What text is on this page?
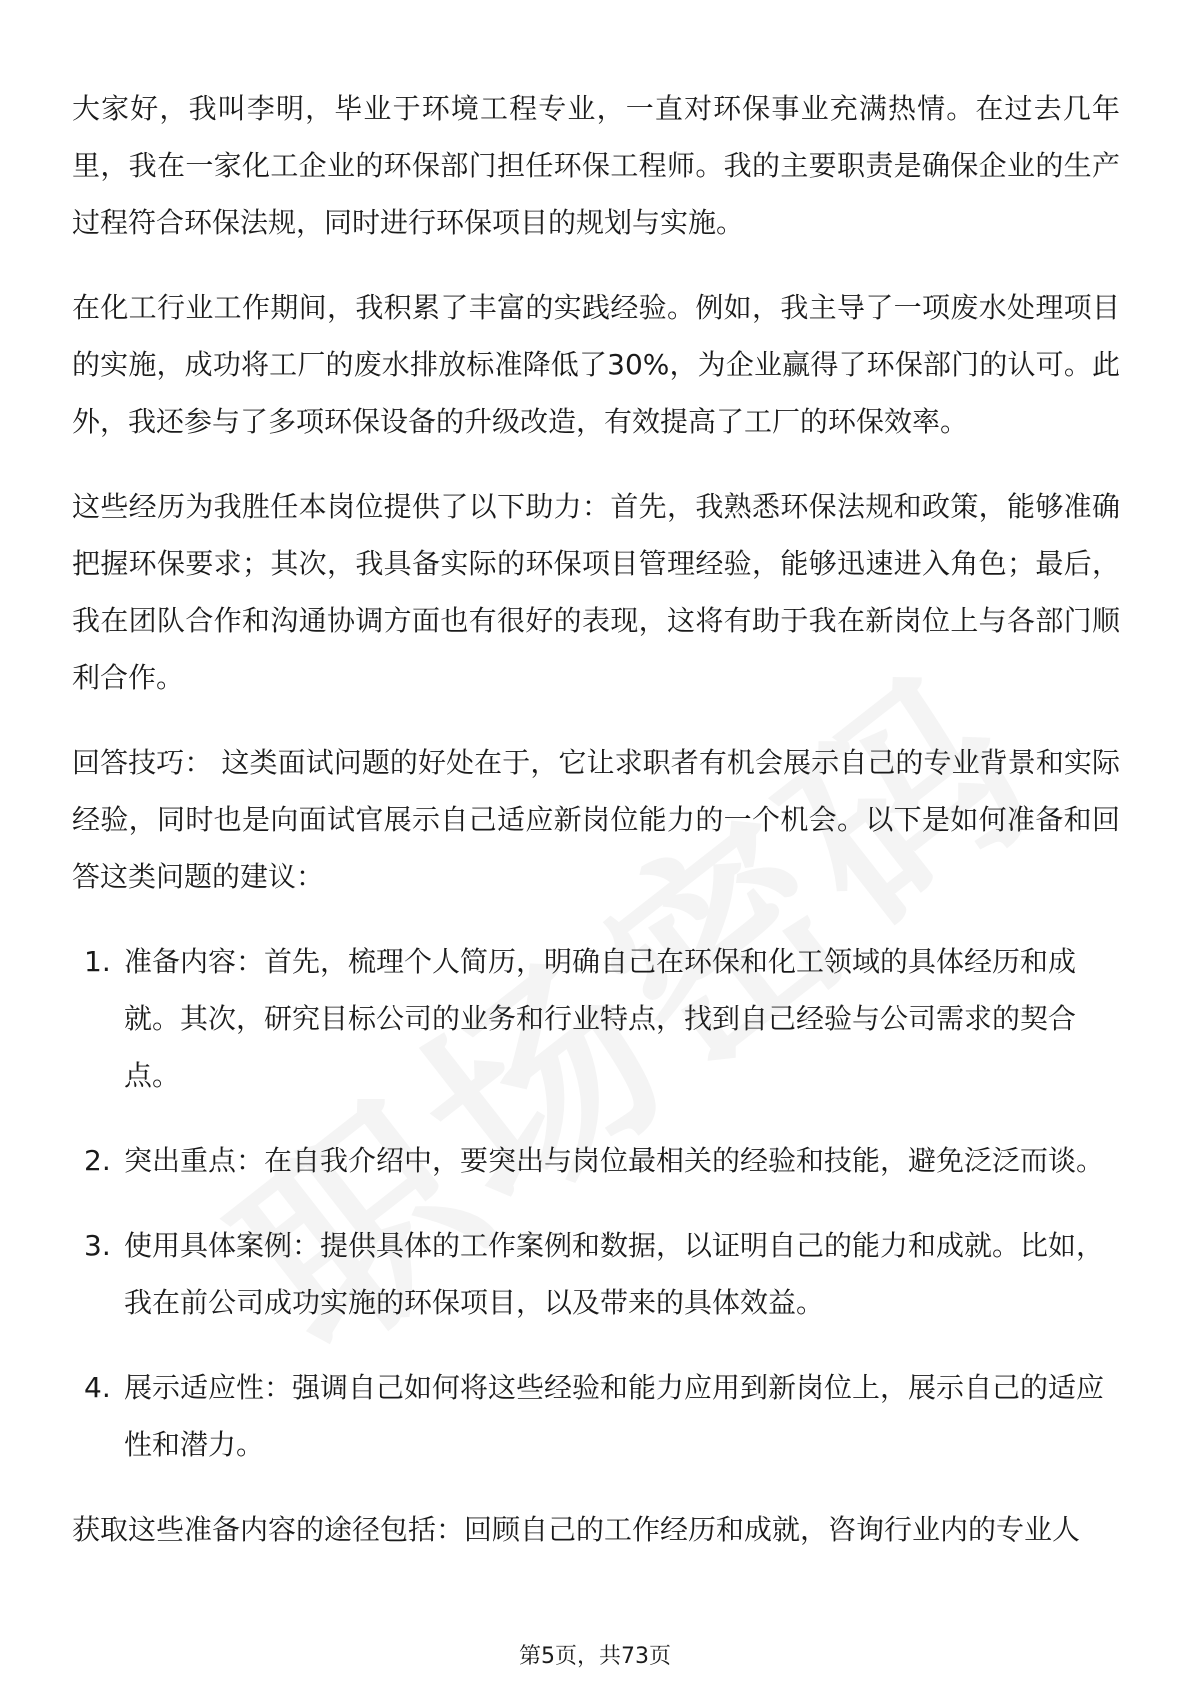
大家好，我叫李明，毕业于环境工程专业，一直对环保事业充满热情。在过去几年里，我在一家化工企业的环保部门担任环保工程师。我的主要职责是确保企业的生产过程符合环保法规，同时进行环保项目的规划与实施。

在化工行业工作期间，我积累了丰富的实践经验。例如，我主导了一项废水处理项目的实施，成功将工厂的废水排放标准降低了30%，为企业赢得了环保部门的认可。此外，我还参与了多项环保设备的升级改造，有效提高了工厂的环保效率。

这些经历为我胜任本岗位提供了以下助力：首先，我熟悉环保法规和政策，能够准确把握环保要求；其次，我具备实际的环保项目管理经验，能够迅速进入角色；最后，我在团队合作和沟通协调方面也有很好的表现，这将有助于我在新岗位上与各部门顺利合作。

回答技巧： 这类面试问题的好处在于，它让求职者有机会展示自己的专业背景和实际经验，同时也是向面试官展示自己适应新岗位能力的一个机会。以下是如何准备和回答这类问题的建议：

1. 准备内容：首先，梳理个人简历，明确自己在环保和化工领域的具体经历和成就。其次，研究目标公司的业务和行业特点，找到自己经验与公司需求的契合点。
2. 突出重点：在自我介绍中，要突出与岗位最相关的经验和技能，避免泛泛而谈。
3. 使用具体案例：提供具体的工作案例和数据，以证明自己的能力和成就。比如，我在前公司成功实施的环保项目，以及带来的具体效益。
4. 展示适应性：强调自己如何将这些经验和能力应用到新岗位上，展示自己的适应性和潜力。

获取这些准备内容的途径包括：回顾自己的工作经历和成就，咨询行业内的专业人

第5页，共73页
